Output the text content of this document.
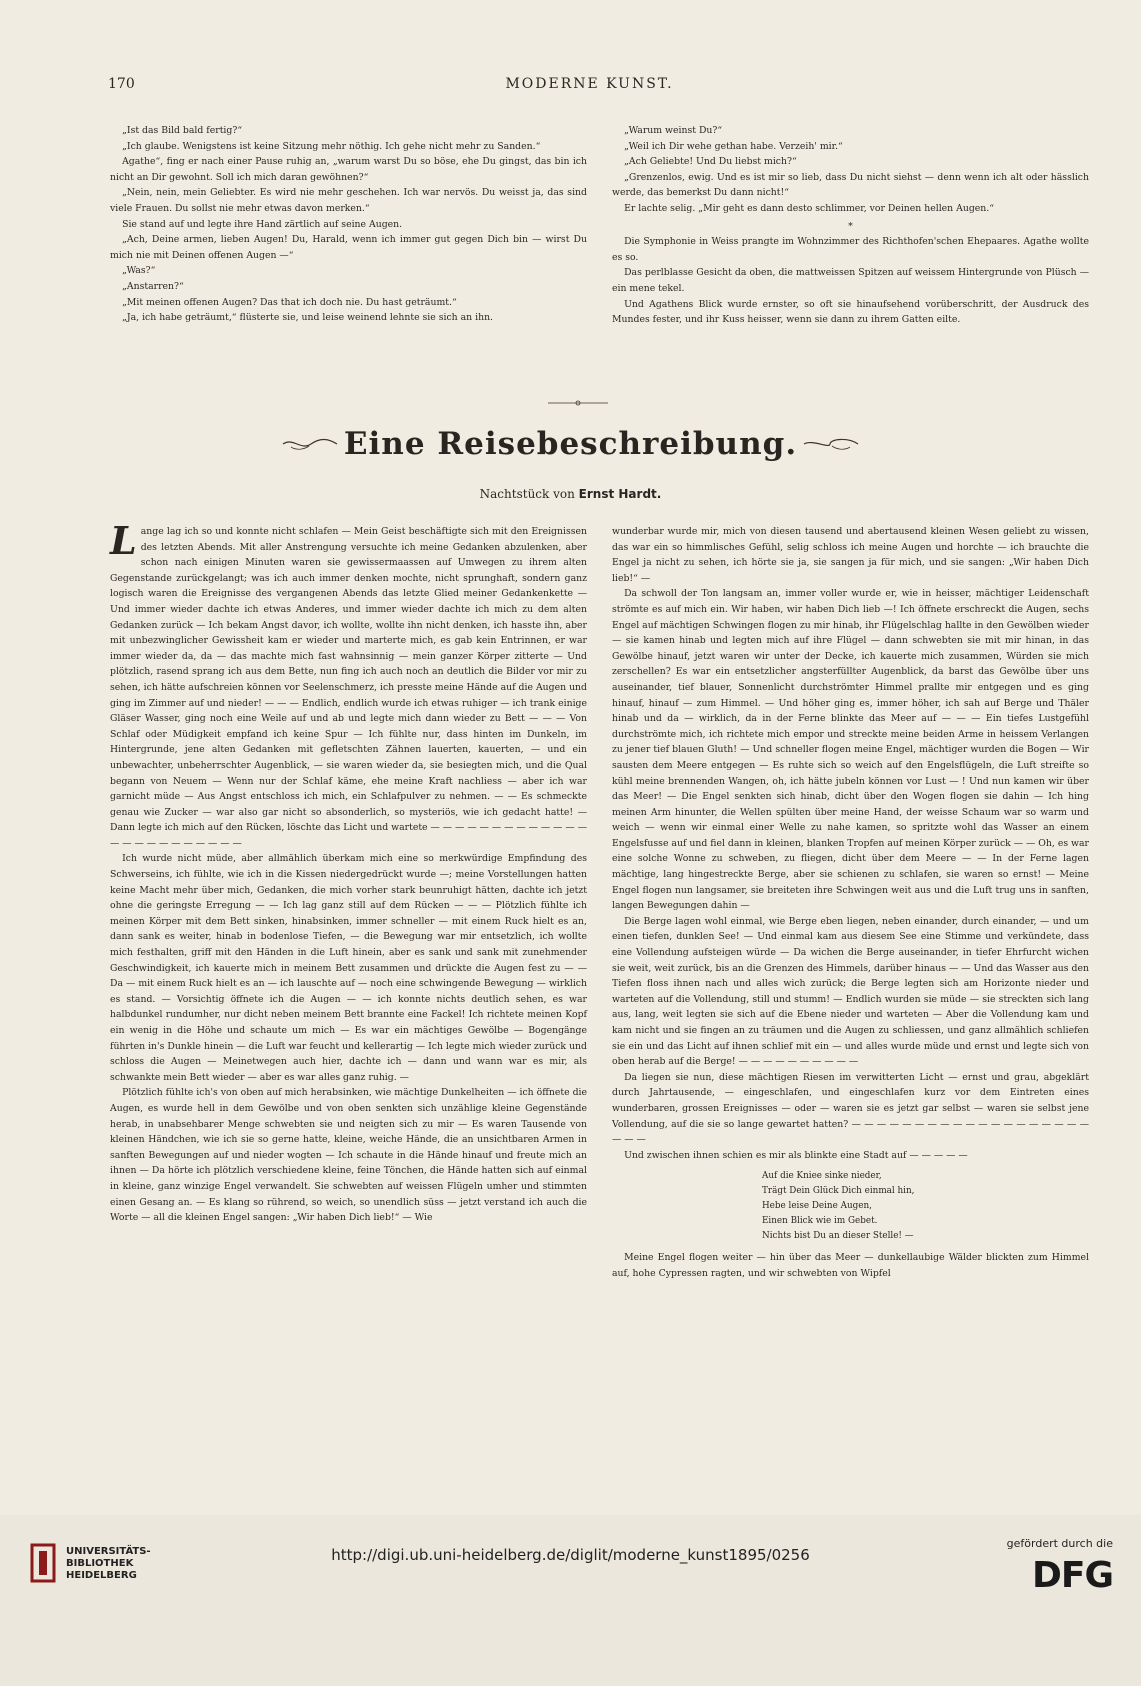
170	MODERNE KUNST.

„Ist das Bild bald fertig?“

„Ich glaube. Wenigstens ist keine Sitzung mehr nöthig. Ich gehe nicht mehr zu Sanden.“

Agathe“, fing er nach einer Pause ruhig an, „warum warst Du so böse, ehe Du gingst, das bin ich nicht an Dir gewohnt. Soll ich mich daran gewöhnen?“

„Nein, nein, mein Geliebter. Es wird nie mehr geschehen. Ich war nervös. Du weisst ja, das sind viele Frauen. Du sollst nie mehr etwas davon merken.“

Sie stand auf und legte ihre Hand zärtlich auf seine Augen.

„Ach, Deine armen, lieben Augen! Du, Harald, wenn ich immer gut gegen Dich bin — wirst Du mich nie mit Deinen offenen Augen —“

„Was?“

„Anstarren?“

„Mit meinen offenen Augen? Das that ich doch nie. Du hast geträumt.“

„Ja, ich habe geträumt,“ flüsterte sie, und leise weinend lehnte sie sich an ihn.

„Warum weinst Du?“

„Weil ich Dir wehe gethan habe. Verzeih' mir.“

„Ach Geliebte! Und Du liebst mich?“

„Grenzenlos, ewig. Und es ist mir so lieb, dass Du nicht siehst — denn wenn ich alt oder hässlich werde, das bemerkst Du dann nicht!“

Er lachte selig. „Mir geht es dann desto schlimmer, vor Deinen hellen Augen.“

*

Die Symphonie in Weiss prangte im Wohnzimmer des Richthofen'schen Ehepaares. Agathe wollte es so.

Das perlblasse Gesicht da oben, die mattweissen Spitzen auf weissem Hintergrunde von Plüsch — ein mene tekel.

Und Agathens Blick wurde ernster, so oft sie hinaufsehend vorüberschritt, der Ausdruck des Mundes fester, und ihr Kuss heisser, wenn sie dann zu ihrem Gatten eilte.

Eine Reisebeschreibung.
Nachtstück von Ernst Hardt.

Lange lag ich so und konnte nicht schlafen — Mein Geist beschäftigte sich mit den Ereignissen des letzten Abends. Mit aller Anstrengung versuchte ich meine Gedanken abzulenken, aber schon nach einigen Minuten waren sie gewissermaassen auf Umwegen zu ihrem alten Gegenstande zurückgelangt; was ich auch immer denken mochte, nicht sprunghaft, sondern ganz logisch waren die Ereignisse des vergangenen Abends das letzte Glied meiner Gedankenkette — Und immer wieder dachte ich etwas Anderes, und immer wieder dachte ich mich zu dem alten Gedanken zurück — Ich bekam Angst davor, ich wollte, wollte ihn nicht denken, ich hasste ihn, aber mit unbezwinglicher Gewissheit kam er wieder und marterte mich, es gab kein Entrinnen, er war immer wieder da, da — das machte mich fast wahnsinnig — mein ganzer Körper zitterte — Und plötzlich, rasend sprang ich aus dem Bette, nun fing ich auch noch an deutlich die Bilder vor mir zu sehen, ich hätte aufschreien können vor Seelenschmerz, ich presste meine Hände auf die Augen und ging im Zimmer auf und nieder! — — — Endlich, endlich wurde ich etwas ruhiger — ich trank einige Gläser Wasser, ging noch eine Weile auf und ab und legte mich dann wieder zu Bett — — — Von Schlaf oder Müdigkeit empfand ich keine Spur — Ich fühlte nur, dass hinten im Dunkeln, im Hintergrunde, jene alten Gedanken mit gefletschten Zähnen lauerten, kauerten, — und ein unbewachter, unbeherrschter Augenblick, — sie waren wieder da, sie besiegten mich, und die Qual begann von Neuem — Wenn nur der Schlaf käme, ehe meine Kraft nachliess — aber ich war garnicht müde — Aus Angst entschloss ich mich, ein Schlafpulver zu nehmen. — — Es schmeckte genau wie Zucker — war also gar nicht so absonderlich, so mysteriös, wie ich gedacht hatte! — Dann legte ich mich auf den Rücken, löschte das Licht und wartete — — — — — — — — — — — — — — — — — — — — — — — —

Ich wurde nicht müde, aber allmählich überkam mich eine so merkwürdige Empfindung des Schwerseins, ich fühlte, wie ich in die Kissen niedergedrückt wurde —; meine Vorstellungen hatten keine Macht mehr über mich, Gedanken, die mich vorher stark beunruhigt hätten, dachte ich jetzt ohne die geringste Erregung — — Ich lag ganz still auf dem Rücken — — — Plötzlich fühlte ich meinen Körper mit dem Bett sinken, hinabsinken, immer schneller — mit einem Ruck hielt es an, dann sank es weiter, hinab in bodenlose Tiefen, — die Bewegung war mir entsetzlich, ich wollte mich festhalten, griff mit den Händen in die Luft hinein, aber es sank und sank mit zunehmender Geschwindigkeit, ich kauerte mich in meinem Bett zusammen und drückte die Augen fest zu — — Da — mit einem Ruck hielt es an — ich lauschte auf — noch eine schwingende Bewegung — wirklich es stand. — Vorsichtig öffnete ich die Augen — — ich konnte nichts deutlich sehen, es war halbdunkel rundumher, nur dicht neben meinem Bett brannte eine Fackel! Ich richtete meinen Kopf ein wenig in die Höhe und schaute um mich — Es war ein mächtiges Gewölbe — Bogengänge führten in's Dunkle hinein — die Luft war feucht und kellerartig — Ich legte mich wieder zurück und schloss die Augen — Meinetwegen auch hier, dachte ich — dann und wann war es mir, als schwankte mein Bett wieder — aber es war alles ganz ruhig. —

Plötzlich fühlte ich's von oben auf mich herabsinken, wie mächtige Dunkelheiten — ich öffnete die Augen, es wurde hell in dem Gewölbe und von oben senkten sich unzählige kleine Gegenstände herab, in unabsehbarer Menge schwebten sie und neigten sich zu mir — Es waren Tausende von kleinen Händchen, wie ich sie so gerne hatte, kleine, weiche Hände, die an unsichtbaren Armen in sanften Bewegungen auf und nieder wogten — Ich schaute in die Hände hinauf und freute mich an ihnen — Da hörte ich plötzlich verschiedene kleine, feine Tönchen, die Hände hatten sich auf einmal in kleine, ganz winzige Engel verwandelt. Sie schwebten auf weissen Flügeln umher und stimmten einen Gesang an. — Es klang so rührend, so weich, so unendlich süss — jetzt verstand ich auch die Worte — all die kleinen Engel sangen: „Wir haben Dich lieb!“ — Wie

wunderbar wurde mir, mich von diesen tausend und abertausend kleinen Wesen geliebt zu wissen, das war ein so himmlisches Gefühl, selig schloss ich meine Augen und horchte — ich brauchte die Engel ja nicht zu sehen, ich hörte sie ja, sie sangen ja für mich, und sie sangen: „Wir haben Dich lieb!“ —

Da schwoll der Ton langsam an, immer voller wurde er, wie in heisser, mächtiger Leidenschaft strömte es auf mich ein. Wir haben, wir haben Dich lieb —! Ich öffnete erschreckt die Augen, sechs Engel auf mächtigen Schwingen flogen zu mir hinab, ihr Flügelschlag hallte in den Gewölben wieder — sie kamen hinab und legten mich auf ihre Flügel — dann schwebten sie mit mir hinan, in das Gewölbe hinauf, jetzt waren wir unter der Decke, ich kauerte mich zusammen, Würden sie mich zerschellen? Es war ein entsetzlicher angsterfüllter Augenblick, da barst das Gewölbe über uns auseinander, tief blauer, Sonnenlicht durchströmter Himmel prallte mir entgegen und es ging hinauf, hinauf — zum Himmel. — Und höher ging es, immer höher, ich sah auf Berge und Thäler hinab und da — wirklich, da in der Ferne blinkte das Meer auf — — — Ein tiefes Lustgefühl durchströmte mich, ich richtete mich empor und streckte meine beiden Arme in heissem Verlangen zu jener tief blauen Gluth! — Und schneller flogen meine Engel, mächtiger wurden die Bogen — Wir sausten dem Meere entgegen — Es ruhte sich so weich auf den Engelsflügeln, die Luft streifte so kühl meine brennenden Wangen, oh, ich hätte jubeln können vor Lust — ! Und nun kamen wir über das Meer! — Die Engel senkten sich hinab, dicht über den Wogen flogen sie dahin — Ich hing meinen Arm hinunter, die Wellen spülten über meine Hand, der weisse Schaum war so warm und weich — wenn wir einmal einer Welle zu nahe kamen, so spritzte wohl das Wasser an einem Engelsfusse auf und fiel dann in kleinen, blanken Tropfen auf meinen Körper zurück — — Oh, es war eine solche Wonne zu schweben, zu fliegen, dicht über dem Meere — — In der Ferne lagen mächtige, lang hingestreckte Berge, aber sie schienen zu schlafen, sie waren so ernst! — Meine Engel flogen nun langsamer, sie breiteten ihre Schwingen weit aus und die Luft trug uns in sanften, langen Bewegungen dahin —

Die Berge lagen wohl einmal, wie Berge eben liegen, neben einander, durch einander, — und um einen tiefen, dunklen See! — Und einmal kam aus diesem See eine Stimme und verkündete, dass eine Vollendung aufsteigen würde — Da wichen die Berge auseinander, in tiefer Ehrfurcht wichen sie weit, weit zurück, bis an die Grenzen des Himmels, darüber hinaus — — Und das Wasser aus den Tiefen floss ihnen nach und alles wich zurück; die Berge legten sich am Horizonte nieder und warteten auf die Vollendung, still und stumm! — Endlich wurden sie müde — sie streckten sich lang aus, lang, weit legten sie sich auf die Ebene nieder und warteten — Aber die Vollendung kam und kam nicht und sie fingen an zu träumen und die Augen zu schliessen, und ganz allmählich schliefen sie ein und das Licht auf ihnen schlief mit ein — und alles wurde müde und ernst und legte sich von oben herab auf die Berge! — — — — — — — — — —

Da liegen sie nun, diese mächtigen Riesen im verwitterten Licht — ernst und grau, abgeklärt durch Jahrtausende, — eingeschlafen, und eingeschlafen kurz vor dem Eintreten eines wunderbaren, grossen Ereignisses — oder — waren sie es jetzt gar selbst — waren sie selbst jene Vollendung, auf die sie so lange gewartet hatten? — — — — — — — — — — — — — — — — — — — — — —

Und zwischen ihnen schien es mir als blinkte eine Stadt auf — — — — —

Auf die Kniee sinke nieder,
Trägt Dein Glück Dich einmal hin,
Hebe leise Deine Augen,
Einen Blick wie im Gebet.
Nichts bist Du an dieser Stelle! —

Meine Engel flogen weiter — hin über das Meer — dunkellaubige Wälder blickten zum Himmel auf, hohe Cypressen ragten, und wir schwebten von Wipfel

UNIVERSITÄTS-
BIBLIOTHEK
HEIDELBERG
http://digi.ub.uni-heidelberg.de/diglit/moderne_kunst1895/0256
gefördert durch die
DFG
